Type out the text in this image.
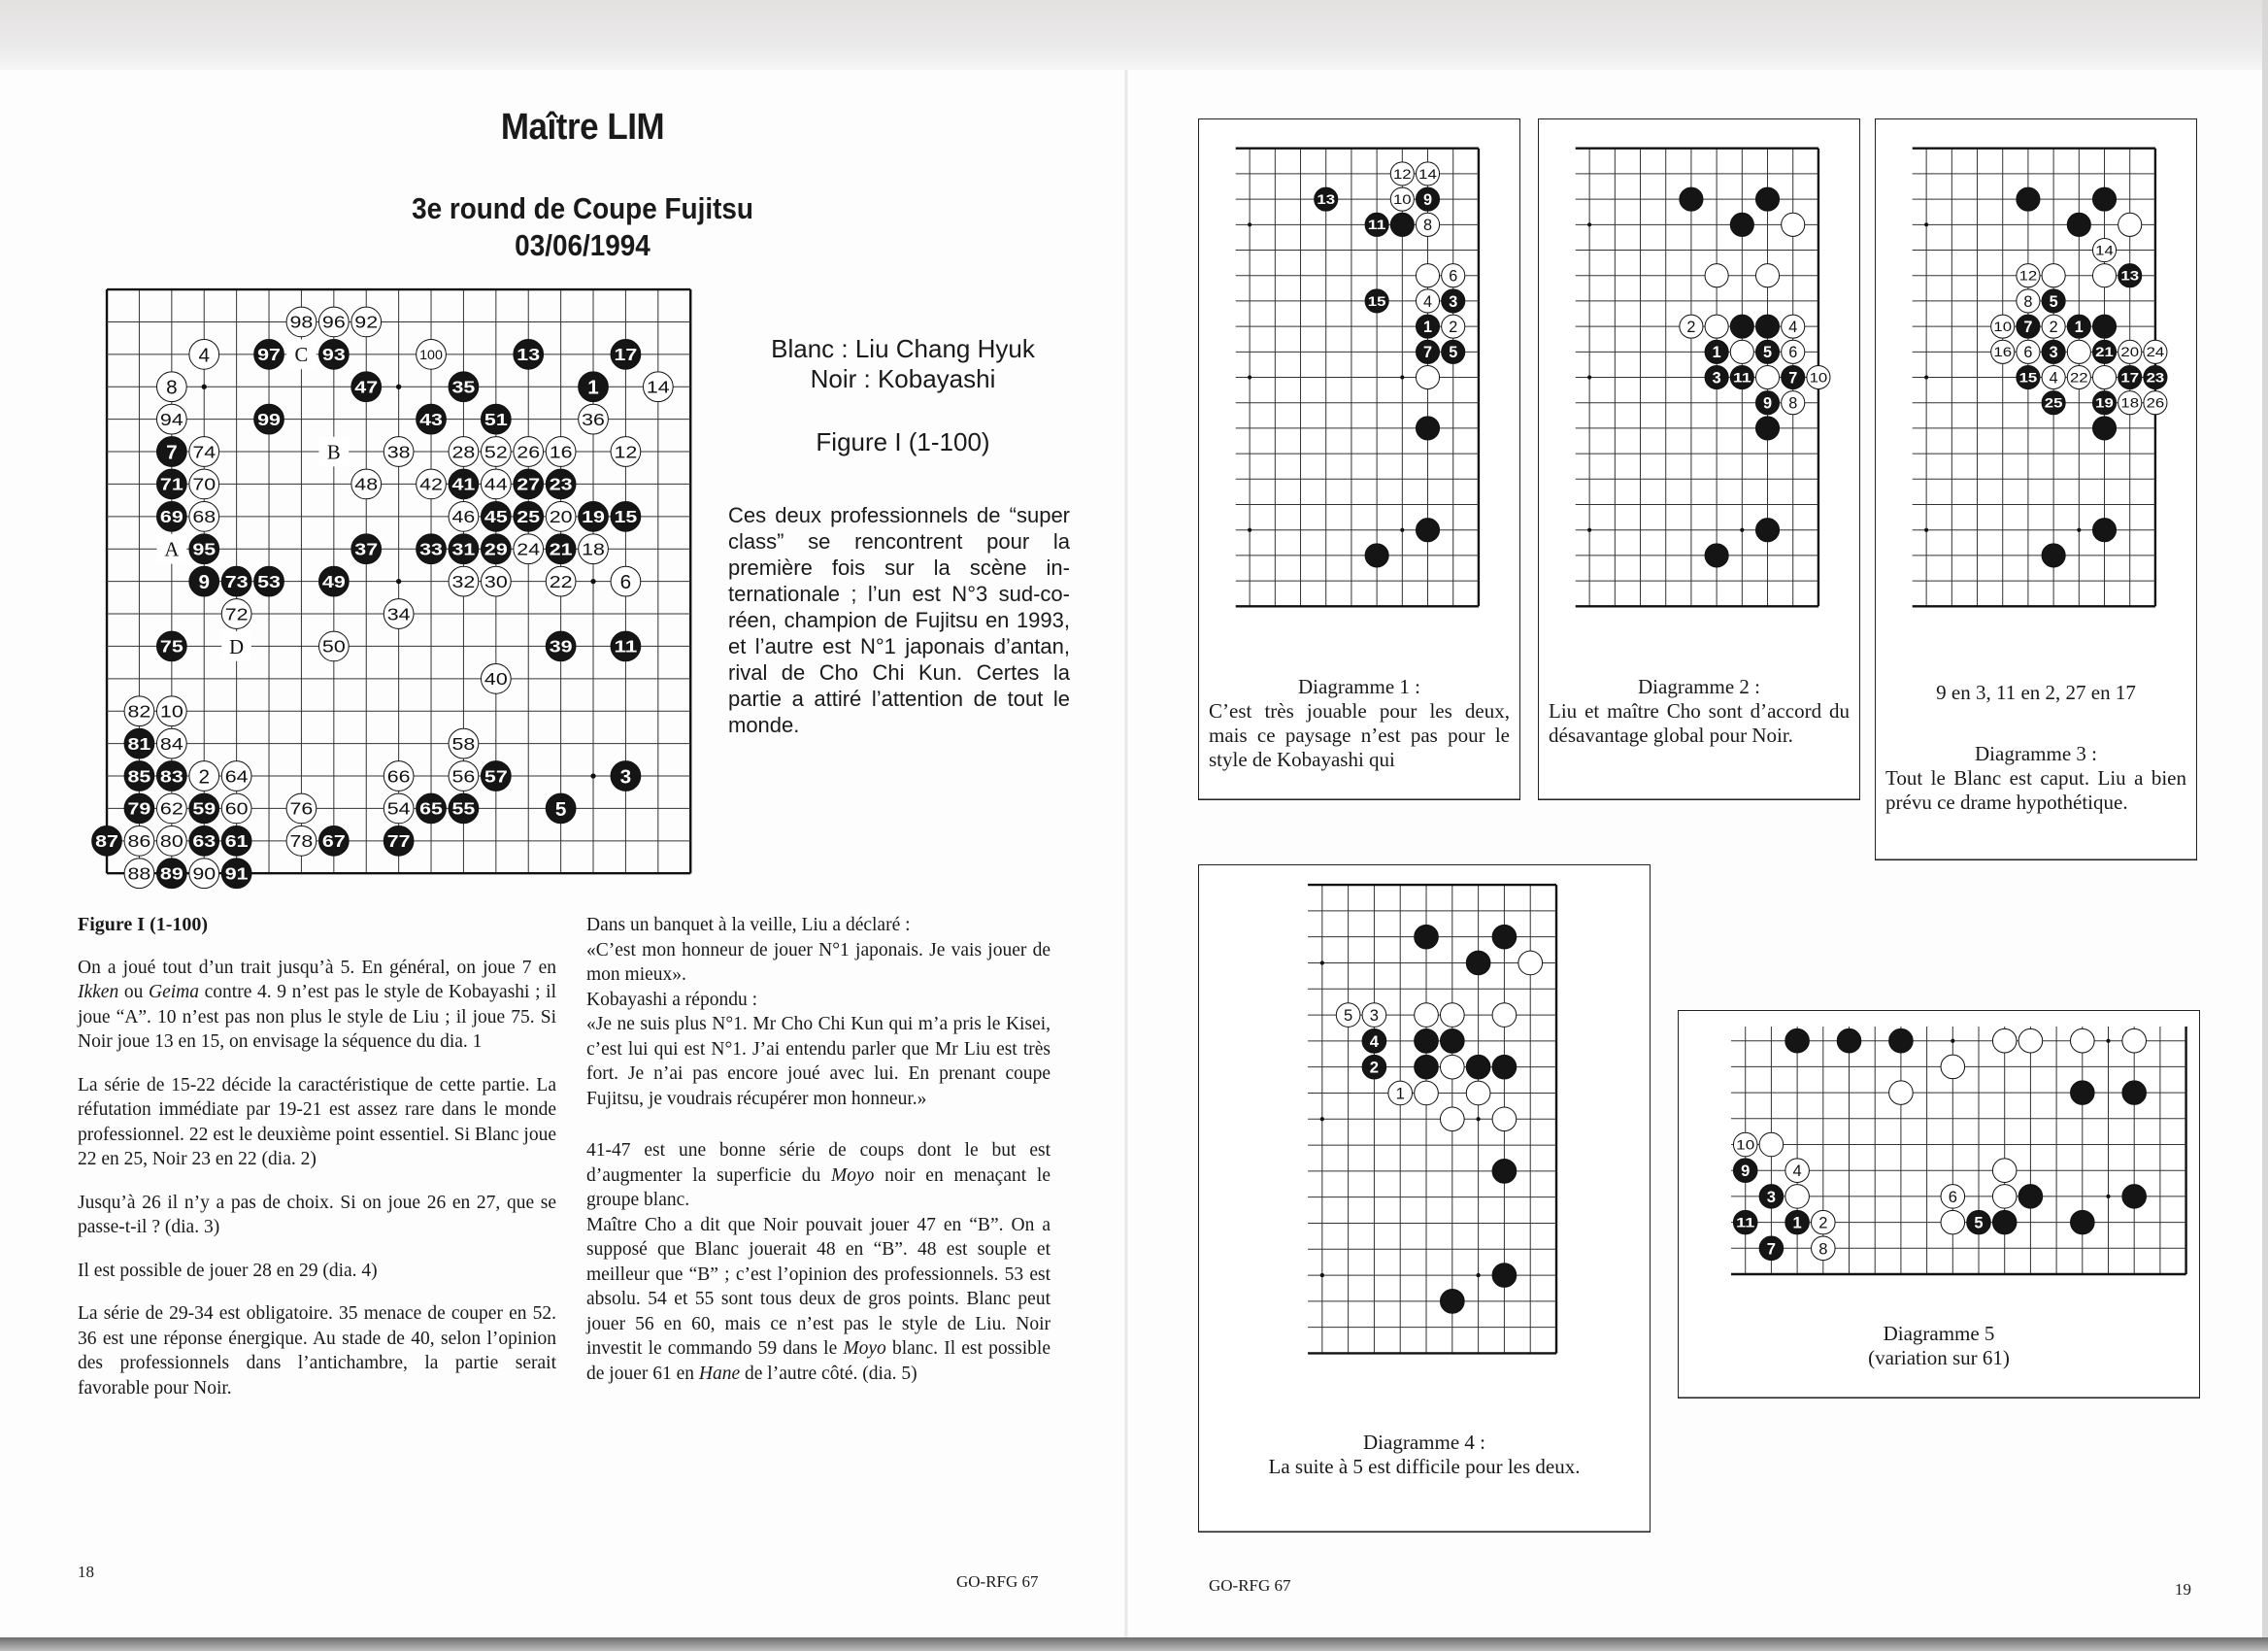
Maître LIM
3e round de Coupe Fujitsu
03/06/1994
98 96 92
4	97 C 93	100	13	17
8	47	35	1	14
94	99	43 51	36
7 74	B	38 28 52 26 16 12
71 70	48 42 41 44 27 23
69 68	46 45 25 20 19 15
A 95	37 33 31 29 24 21 18
9 73 53 49	32 30 22 6
72	34
75 D	50	39 11
40
82 10
81 84	58
85 83 2 64	66 56 57	3
79 62 59 60 76	54 65 55	5
87 86 80 63 61 78 67 77
88 89 90 91
Blanc : Liu Chang Hyuk
Noir : Kobayashi
Figure I (1-100)
Ces deux professionnels de “super class” se rencontrent pour la première fois sur la scène internationale ; l’un est N°3 sud-coréen, champion de Fujitsu en 1993, et l’autre est N°1 japonais d’antan, rival de Cho Chi Kun. Certes la partie a attiré l’attention de tout le monde.
Figure I (1-100)

On a joué tout d’un trait jusqu’à 5. En général, on joue 7 en Ikken ou Geima contre 4. 9 n’est pas le style de Kobayashi ; il joue “A”. 10 n’est pas non plus le style de Liu ; il joue 75. Si Noir joue 13 en 15, on envisage la séquence du dia. 1

La série de 15-22 décide la caractéristique de cette partie. La réfutation immédiate par 19-21 est assez rare dans le monde professionnel. 22 est le deuxième point essentiel. Si Blanc joue 22 en 25, Noir 23 en 22 (dia. 2)

Jusqu’à 26 il n’y a pas de choix. Si on joue 26 en 27, que se passe-t-il ? (dia. 3)

Il est possible de jouer 28 en 29 (dia. 4)

La série de 29-34 est obligatoire. 35 menace de couper en 52. 36 est une réponse énergique. Au stade de 40, selon l’opinion des professionnels dans l’antichambre, la partie serait favorable pour Noir.

Dans un banquet à la veille, Liu a déclaré :

«C’est mon honneur de jouer N°1 japonais. Je vais jouer de mon mieux».

Kobayashi a répondu :

«Je ne suis plus N°1. Mr Cho Chi Kun qui m’a pris le Kisei, c’est lui qui est N°1. J’ai entendu parler que Mr Liu est très fort. Je n’ai pas encore joué avec lui. En prenant coupe Fujitsu, je voudrais récupérer mon honneur.»

41-47 est une bonne série de coups dont le but est d’augmenter la superficie du Moyo noir en menaçant le groupe blanc.

Maître Cho a dit que Noir pouvait jouer 47 en “B”. On a supposé que Blanc jouerait 48 en “B”. 48 est souple et meilleur que “B” ; c’est l’opinion des professionnels. 53 est absolu. 54 et 55 sont tous deux de gros points. Blanc peut jouer 56 en 60, mais ce n’est pas le style de Liu. Noir investit le commando 59 dans le Moyo blanc. Il est possible de jouer 61 en Hane de l’autre côté. (dia. 5)

18
GO-RFG 67
12 14
13	10 9
11 8
6
15 4 3
1 2
7 5
Diagramme 1 :
C’est très jouable pour les deux, mais ce paysage n’est pas pour le style de Kobayashi qui
2	4
1	5 6
3 11 7 10
9 8
Diagramme 2 :
Liu et maître Cho sont d’accord du désavantage global pour Noir.
14
12	13
8 5
10 7 2 1
16 6 3	21 20 24
15 4 22 17 23
25 19 18 26
9 en 3, 11 en 2, 27 en 17
Diagramme 3 :
Tout le Blanc est caput. Liu a bien prévu ce drame hypothétique.
5 3
4
2
1
Diagramme 4 :
La suite à 5 est difficile pour les deux.
10
9	4
3	6
11 1 2	5
7	8
Diagramme 5
(variation sur 61)
GO-RFG 67	19
